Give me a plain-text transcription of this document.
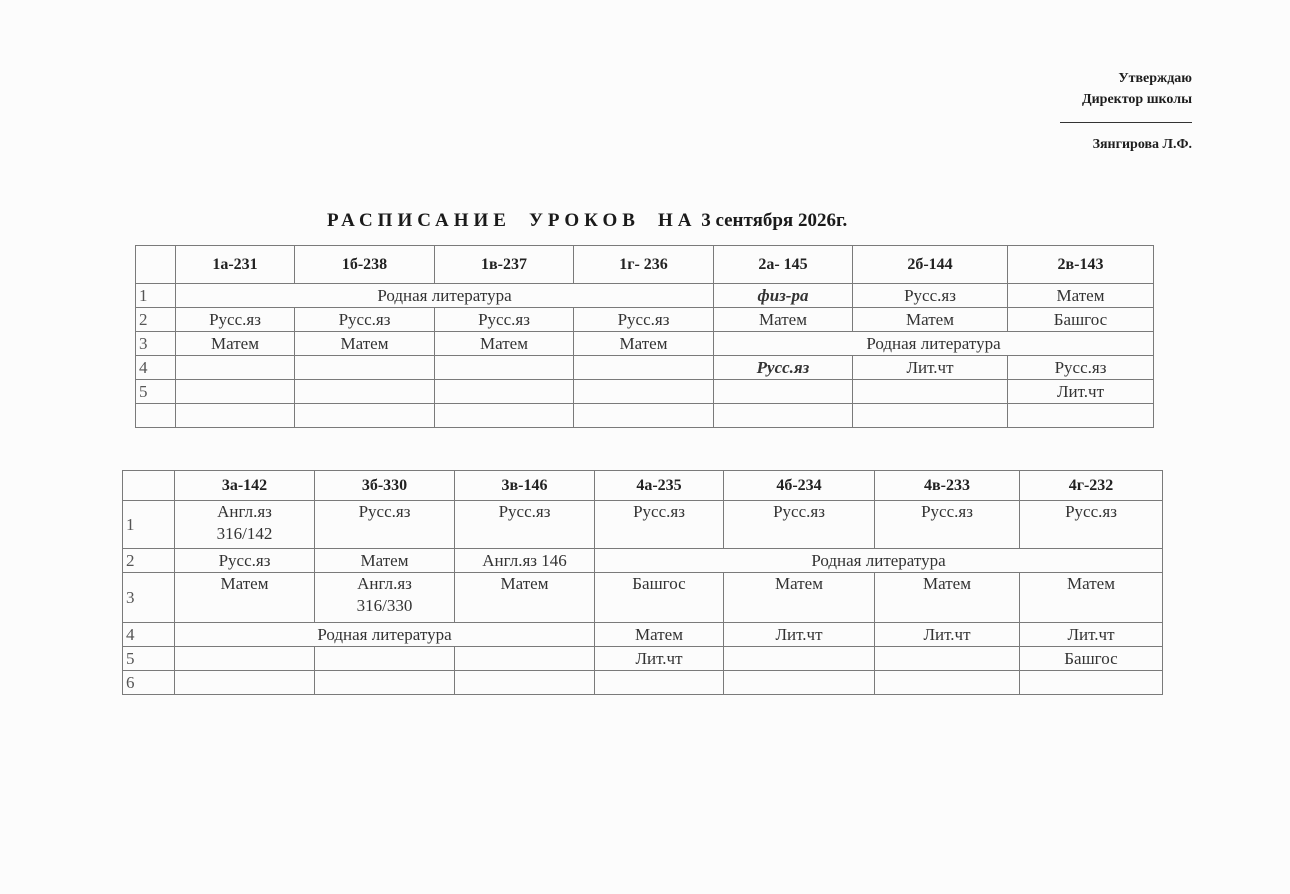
Утверждаю
Директор школы
Зянгирова Л.Ф.
РАСПИСАНИЕ УРОКОВ НА 3 сентября 2026г.
	1а-231	1б-238	1в-237	1г- 236	2а- 145	2б-144	2в-143
1	Родная литература				физ-ра	Русс.яз	Матем
2	Русс.яз	Русс.яз	Русс.яз	Русс.яз	Матем	Матем	Башгос
3	Матем	Матем	Матем	Матем	Родная литература		
4					Русс.яз	Лит.чт	Русс.яз
5							Лит.чт

	3а-142	3б-330	3в-146	4а-235	4б-234	4в-233	4г-232
1	Англ.яз
316/142	Русс.яз	Русс.яз	Русс.яз	Русс.яз	Русс.яз	Русс.яз
2	Русс.яз	Матем	Англ.яз 146	Родная литература			
3	Матем	Англ.яз
316/330	Матем	Башгос	Матем	Матем	Матем
4	Родная литература			Матем	Лит.чт	Лит.чт	Лит.чт
5				Лит.чт			Башгос
6							
